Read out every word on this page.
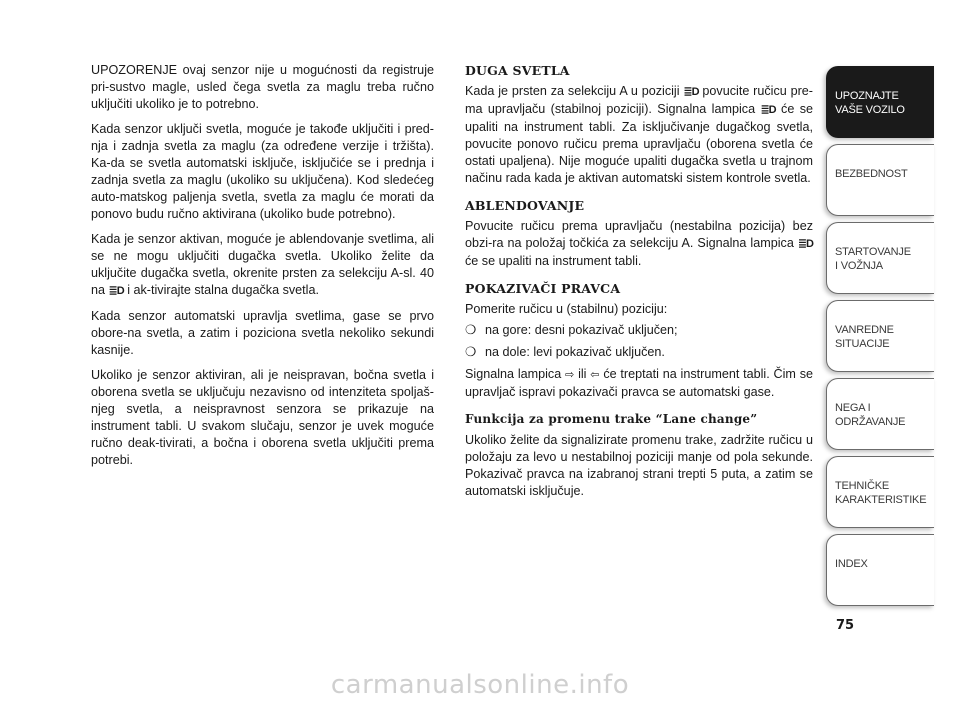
UPOZORENJE ovaj senzor nije u mogućnosti da registruje pri-sustvo magle, usled čega svetla za maglu treba ručno uključiti ukoliko je to potrebno.

Kada senzor uključi svetla, moguće je takođe uključiti i pred-nja i zadnja svetla za maglu (za određene verzije i tržišta). Ka-da se svetla automatski isključe, isključiće se i prednja i zadnja svetla za maglu (ukoliko su uključena). Kod sledećeg auto-matskog paljenja svetla, svetla za maglu će morati da ponovo budu ručno aktivirana (ukoliko bude potrebno).

Kada je senzor aktivan, moguće je ablendovanje svetlima, ali se ne mogu uključiti dugačka svetla. Ukoliko želite da uključite dugačka svetla, okrenite prsten za selekciju A-sl. 40 na ≣D i ak-tivirajte stalna dugačka svetla.

Kada senzor automatski upravlja svetlima, gase se prvo obore-na svetla, a zatim i poziciona svetla nekoliko sekundi kasnije.

Ukoliko je senzor aktiviran, ali je neispravan, bočna svetla i oborena svetla se uključuju nezavisno od intenziteta spoljaš-njeg svetla, a neispravnost senzora se prikazuje na instrument tabli. U svakom slučaju, senzor je uvek moguće ručno deak-tivirati, a bočna i oborena svetla uključiti prema potrebi.

DUGA SVETLA

Kada je prsten za selekciju A u poziciji ≣D povucite ručicu pre-ma upravljaču (stabilnoj poziciji). Signalna lampica ≣D će se upaliti na instrument tabli. Za isključivanje dugačkog svetla, povucite ponovo ručicu prema upravljaču (oborena svetla će ostati upaljena). Nije moguće upaliti dugačka svetla u trajnom načinu rada kada je aktivan automatski sistem kontrole svetla.

ABLENDOVANJE

Povucite ručicu prema upravljaču (nestabilna pozicija) bez obzi-ra na položaj točkića za selekciju A. Signalna lampica ≣D će se upaliti na instrument tabli.

POKAZIVAČI PRAVCA

Pomerite ručicu u (stabilnu) poziciju:

❍ na gore: desni pokazivač uključen;
❍ na dole: levi pokazivač uključen.

Signalna lampica ⇨ ili ⇦ će treptati na instrument tabli. Čim se upravljač ispravi pokazivači pravca se automatski gase.

Funkcija za promenu trake “Lane change”

Ukoliko želite da signalizirate promenu trake, zadržite ručicu u položaju za levo u nestabilnoj poziciji manje od pola sekunde. Pokazivač pravca na izabranoj strani trepti 5 puta, a zatim se automatski isključuje.

UPOZNAJTE
VAŠE VOZILO
BEZBEDNOST
STARTOVANJE
I VOŽNJA
VANREDNE
SITUACIJE
NEGA I
ODRŽAVANJE
TEHNIČKE
KARAKTERISTIKE
INDEX
75
carmanualsonline.info
